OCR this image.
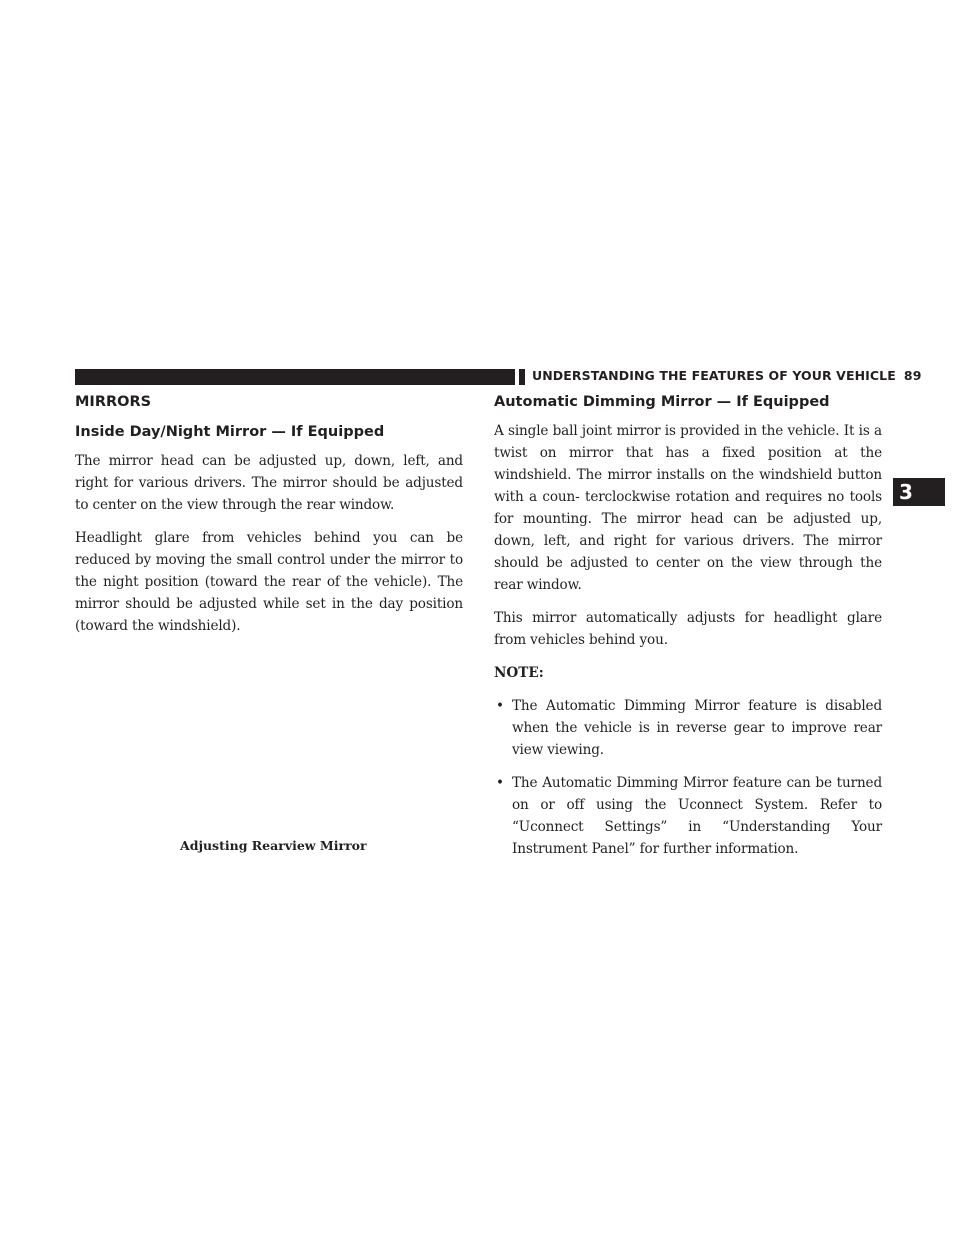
UNDERSTANDING THE FEATURES OF YOUR VEHICLE 89
3
MIRRORS
Inside Day/Night Mirror — If Equipped

The mirror head can be adjusted up, down, left, and right for various drivers. The mirror should be adjusted to center on the view through the rear window.

Headlight glare from vehicles behind you can be reduced by moving the small control under the mirror to the night position (toward the rear of the vehicle). The mirror should be adjusted while set in the day position (toward the windshield).

Adjusting Rearview Mirror
Automatic Dimming Mirror — If Equipped

A single ball joint mirror is provided in the vehicle. It is a twist on mirror that has a fixed position at the windshield. The mirror installs on the windshield button with a coun- terclockwise rotation and requires no tools for mounting. The mirror head can be adjusted up, down, left, and right for various drivers. The mirror should be adjusted to center on the view through the rear window.

This mirror automatically adjusts for headlight glare from vehicles behind you.

NOTE:

• The Automatic Dimming Mirror feature is disabled when the vehicle is in reverse gear to improve rear view viewing.
• The Automatic Dimming Mirror feature can be turned on or off using the Uconnect System. Refer to “Uconnect Settings” in “Understanding Your Instrument Panel” for further information.
